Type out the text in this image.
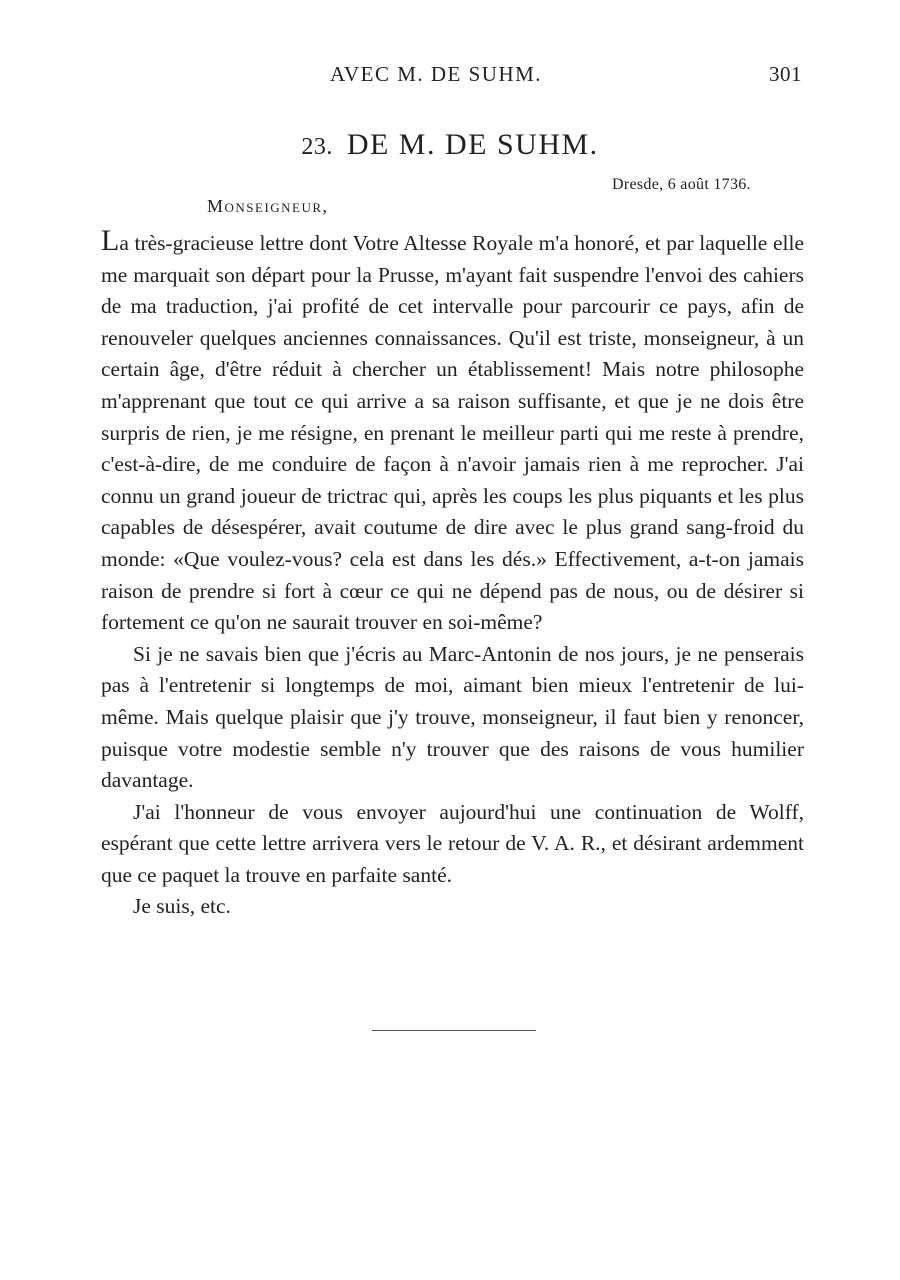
AVEC M. DE SUHM.	301
23. DE M. DE SUHM.
Dresde, 6 août 1736.
Monseigneur,

La très-gracieuse lettre dont Votre Altesse Royale m'a honoré, et par laquelle elle me marquait son départ pour la Prusse, m'ayant fait suspendre l'envoi des cahiers de ma traduction, j'ai profité de cet intervalle pour parcourir ce pays, afin de renouveler quelques anciennes connaissances. Qu'il est triste, monseigneur, à un certain âge, d'être réduit à chercher un établissement! Mais notre philosophe m'apprenant que tout ce qui arrive a sa raison suffisante, et que je ne dois être surpris de rien, je me résigne, en prenant le meilleur parti qui me reste à prendre, c'est-à-dire, de me conduire de façon à n'avoir jamais rien à me reprocher. J'ai connu un grand joueur de trictrac qui, après les coups les plus piquants et les plus capables de désespérer, avait coutume de dire avec le plus grand sang-froid du monde: «Que voulez-vous? cela est dans les dés.» Effectivement, a-t-on jamais raison de prendre si fort à cœur ce qui ne dépend pas de nous, ou de désirer si fortement ce qu'on ne saurait trouver en soi-même?

Si je ne savais bien que j'écris au Marc-Antonin de nos jours, je ne penserais pas à l'entretenir si longtemps de moi, aimant bien mieux l'entretenir de lui-même. Mais quelque plaisir que j'y trouve, monseigneur, il faut bien y renoncer, puisque votre modestie semble n'y trouver que des raisons de vous humilier davantage.

J'ai l'honneur de vous envoyer aujourd'hui une continuation de Wolff, espérant que cette lettre arrivera vers le retour de V. A. R., et désirant ardemment que ce paquet la trouve en parfaite santé.

Je suis, etc.
